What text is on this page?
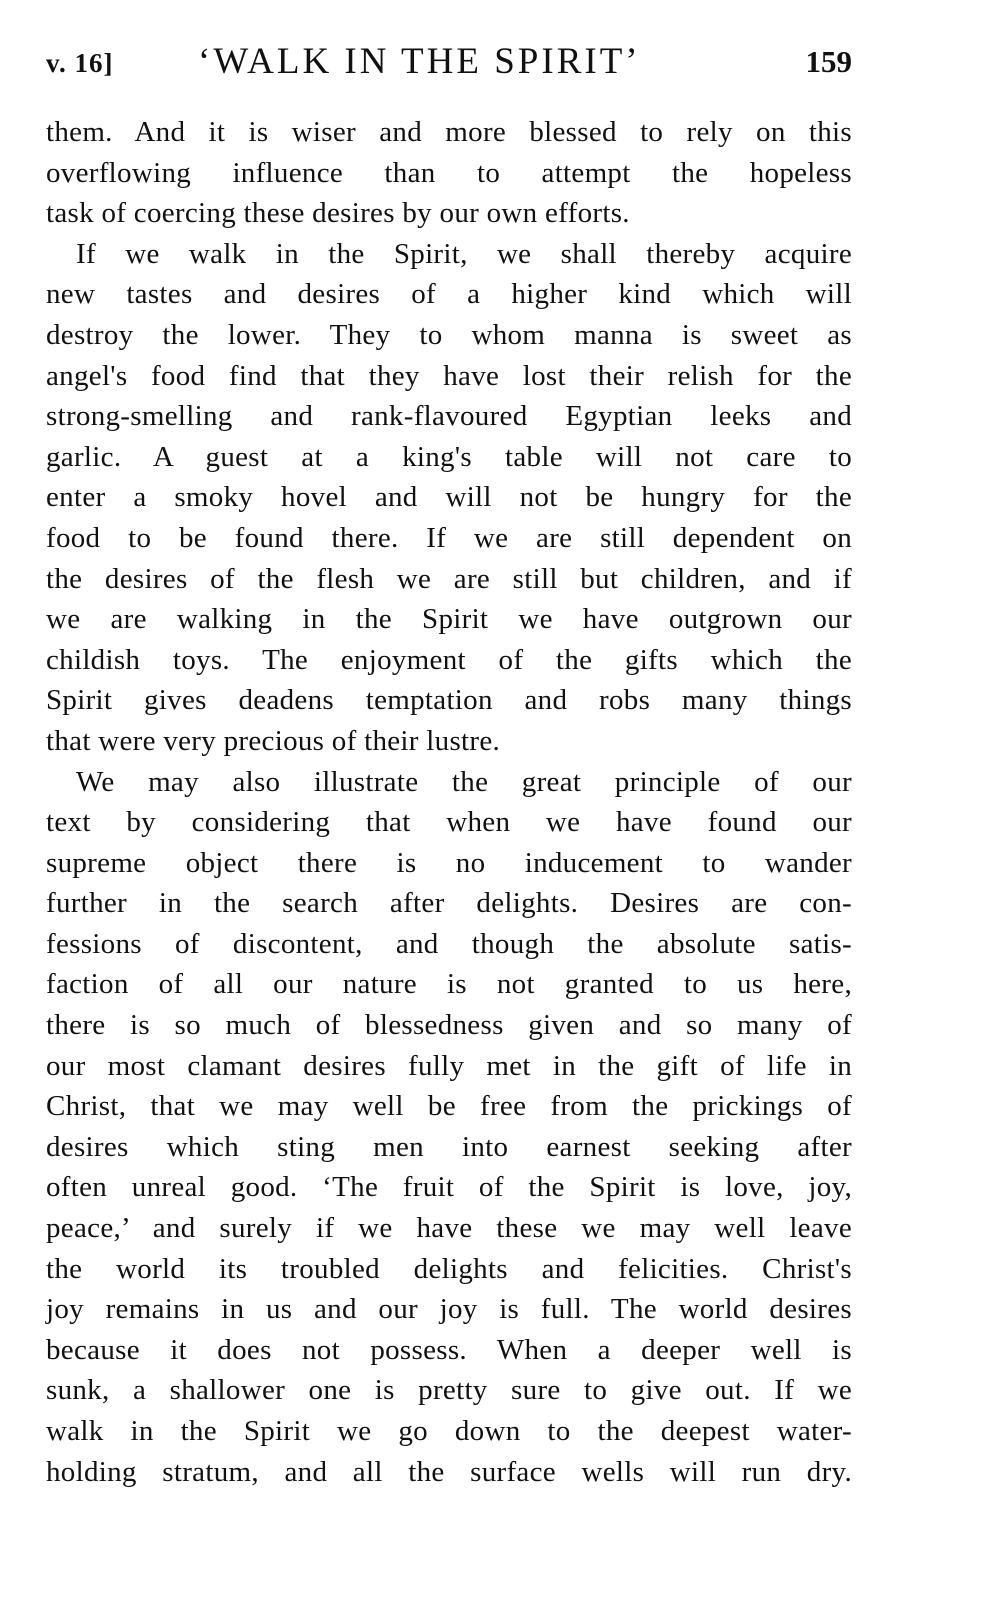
v. 16] ‘WALK IN THE SPIRIT’	159
them. And it is wiser and more blessed to rely on this
overflowing influence than to attempt the hopeless
task of coercing these desires by our own efforts.
If we walk in the Spirit, we shall thereby acquire
new tastes and desires of a higher kind which will
destroy the lower. They to whom manna is sweet as
angel's food find that they have lost their relish for the
strong-smelling and rank-flavoured Egyptian leeks and
garlic. A guest at a king's table will not care to
enter a smoky hovel and will not be hungry for the
food to be found there. If we are still dependent on
the desires of the flesh we are still but children, and if
we are walking in the Spirit we have outgrown our
childish toys. The enjoyment of the gifts which the
Spirit gives deadens temptation and robs many things
that were very precious of their lustre.
We may also illustrate the great principle of our
text by considering that when we have found our
supreme object there is no inducement to wander
further in the search after delights. Desires are con-
fessions of discontent, and though the absolute satis-
faction of all our nature is not granted to us here,
there is so much of blessedness given and so many of
our most clamant desires fully met in the gift of life in
Christ, that we may well be free from the prickings of
desires which sting men into earnest seeking after
often unreal good. ‘The fruit of the Spirit is love, joy,
peace,’ and surely if we have these we may well leave
the world its troubled delights and felicities. Christ's
joy remains in us and our joy is full. The world desires
because it does not possess. When a deeper well is
sunk, a shallower one is pretty sure to give out. If we
walk in the Spirit we go down to the deepest water-
holding stratum, and all the surface wells will run dry.
